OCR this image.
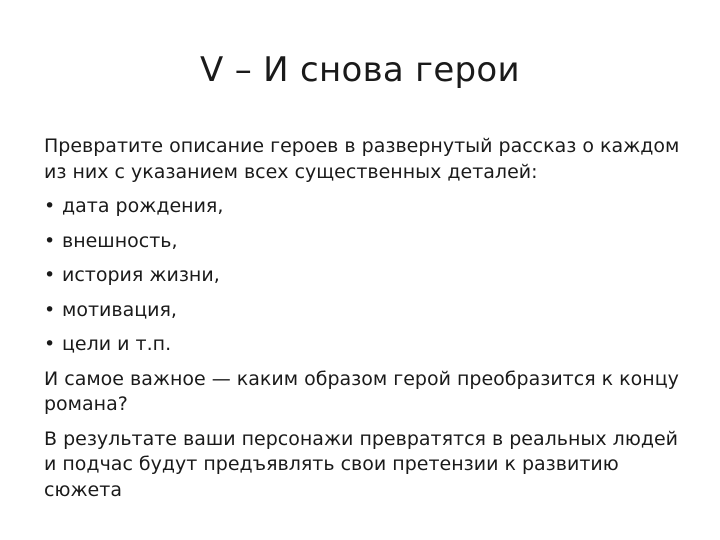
V – И снова герои

Превратите описание героев в развернутый рассказ о каждом из них с указанием всех существенных деталей:

• дата рождения,
• внешность,
• история жизни,
• мотивация,
• цели и т.п.

И самое важное — каким образом герой преобразится к концу романа?

В результате ваши персонажи превратятся в реальных людей и подчас будут предъявлять свои претензии к развитию сюжета
